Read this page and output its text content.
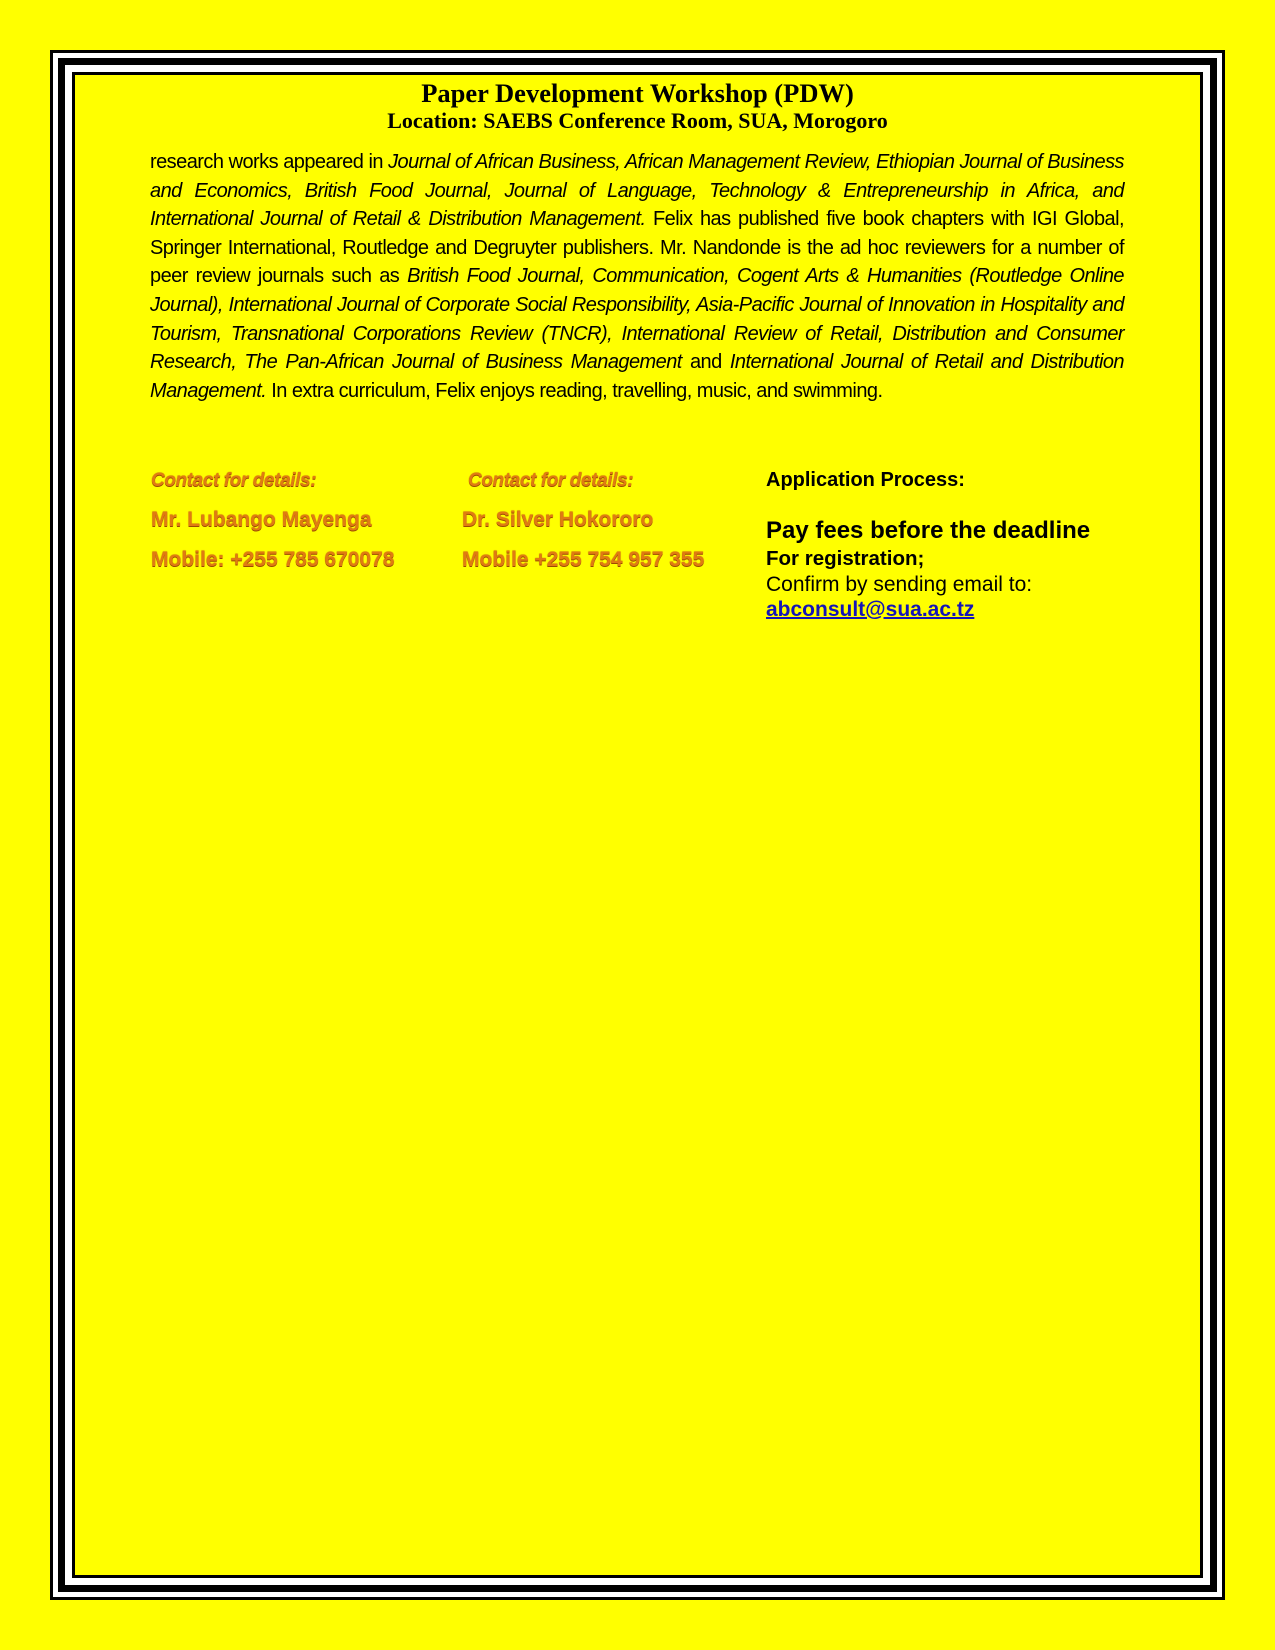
Paper Development Workshop (PDW)
Location: SAEBS Conference Room, SUA, Morogoro

research works appeared in Journal of African Business, African Management Review, Ethiopian Journal of Business and Economics, British Food Journal, Journal of Language, Technology & Entrepreneurship in Africa, and International Journal of Retail & Distribution Management. Felix has published five book chapters with IGI Global, Springer International, Routledge and Degruyter publishers. Mr. Nandonde is the ad hoc reviewers for a number of peer review journals such as British Food Journal, Communication, Cogent Arts & Humanities (Routledge Online Journal), International Journal of Corporate Social Responsibility, Asia-Pacific Journal of Innovation in Hospitality and Tourism, Transnational Corporations Review (TNCR), International Review of Retail, Distribution and Consumer Research, The Pan-African Journal of Business Management and International Journal of Retail and Distribution Management. In extra curriculum, Felix enjoys reading, travelling, music, and swimming.

Contact for details:
Mr. Lubango Mayenga
Mobile: +255 785 670078
Contact for details:
Dr. Silver Hokororo
Mobile +255 754 957 355
Application Process:
Pay fees before the deadline
For registration;
Confirm by sending email to:
abconsult@sua.ac.tz
